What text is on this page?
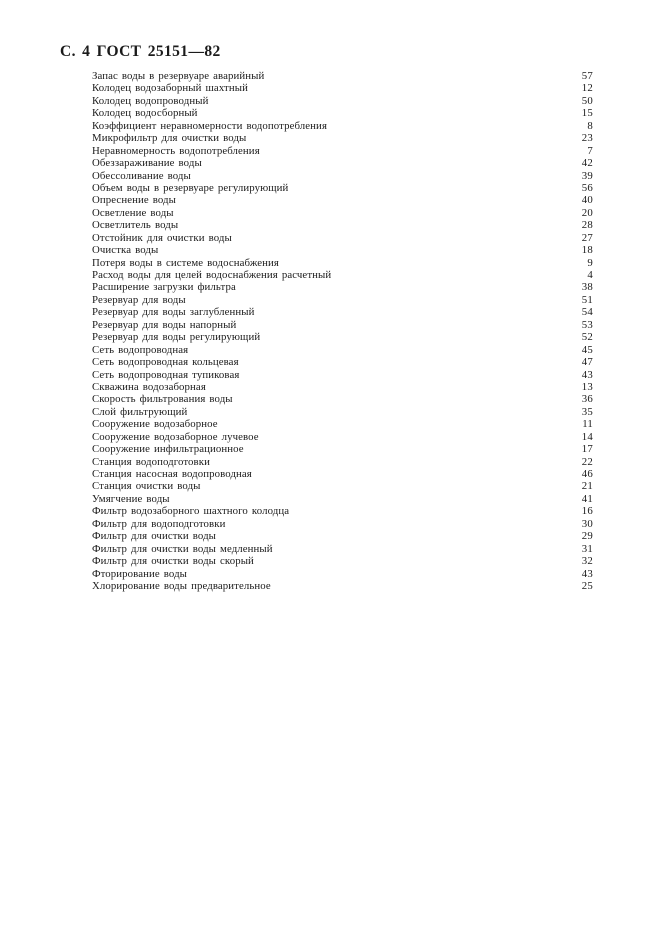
С. 4 ГОСТ 25151—82
Запас воды в резервуаре аварийный	57
Колодец водозаборный шахтный	12
Колодец водопроводный	50
Колодец водосборный	15
Коэффициент неравномерности водопотребления	8
Микрофильтр для очистки воды	23
Неравномерность водопотребления	7
Обеззараживание воды	42
Обессоливание воды	39
Объем воды в резервуаре регулирующий	56
Опреснение воды	40
Осветление воды	20
Осветлитель воды	28
Отстойник для очистки воды	27
Очистка воды	18
Потеря воды в системе водоснабжения	9
Расход воды для целей водоснабжения расчетный	4
Расширение загрузки фильтра	38
Резервуар для воды	51
Резервуар для воды заглубленный	54
Резервуар для воды напорный	53
Резервуар для воды регулирующий	52
Сеть водопроводная	45
Сеть водопроводная кольцевая	47
Сеть водопроводная тупиковая	43
Скважина водозаборная	13
Скорость фильтрования воды	36
Слой фильтрующий	35
Сооружение водозаборное	11
Сооружение водозаборное лучевое	14
Сооружение инфильтрационное	17
Станция водоподготовки	22
Станция насосная водопроводная	46
Станция очистки воды	21
Умягчение воды	41
Фильтр водозаборного шахтного колодца	16
Фильтр для водоподготовки	30
Фильтр для очистки воды	29
Фильтр для очистки воды медленный	31
Фильтр для очистки воды скорый	32
Фторирование воды	43
Хлорирование воды предварительное	25
